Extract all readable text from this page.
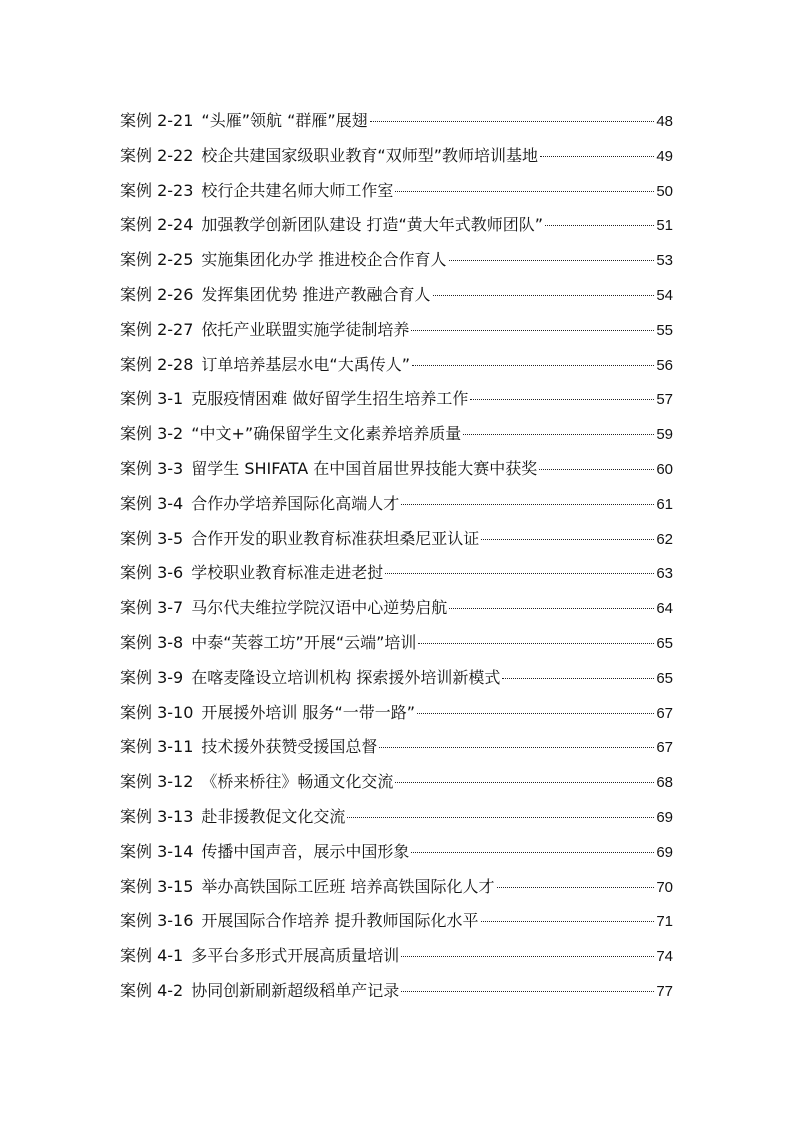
案例 2-21 “头雁”领航 “群雁”展翅	48
案例 2-22 校企共建国家级职业教育“双师型”教师培训基地	49
案例 2-23 校行企共建名师大师工作室	50
案例 2-24 加强教学创新团队建设 打造“黄大年式教师团队”	51
案例 2-25 实施集团化办学 推进校企合作育人	53
案例 2-26 发挥集团优势 推进产教融合育人	54
案例 2-27 依托产业联盟实施学徒制培养	55
案例 2-28 订单培养基层水电“大禹传人”	56
案例 3-1 克服疫情困难 做好留学生招生培养工作	57
案例 3-2 “中文+”确保留学生文化素养培养质量	59
案例 3-3 留学生 SHIFATA 在中国首届世界技能大赛中获奖	60
案例 3-4 合作办学培养国际化高端人才	61
案例 3-5 合作开发的职业教育标准获坦桑尼亚认证	62
案例 3-6 学校职业教育标准走进老挝	63
案例 3-7 马尔代夫维拉学院汉语中心逆势启航	64
案例 3-8 中泰“芙蓉工坊”开展“云端”培训	65
案例 3-9 在喀麦隆设立培训机构 探索援外培训新模式	65
案例 3-10 开展援外培训 服务“一带一路”	67
案例 3-11 技术援外获赞受援国总督	67
案例 3-12 《桥来桥往》畅通文化交流	68
案例 3-13 赴非援教促文化交流	69
案例 3-14 传播中国声音，展示中国形象	69
案例 3-15 举办高铁国际工匠班 培养高铁国际化人才	70
案例 3-16 开展国际合作培养 提升教师国际化水平	71
案例 4-1 多平台多形式开展高质量培训	74
案例 4-2 协同创新刷新超级稻单产记录	77
